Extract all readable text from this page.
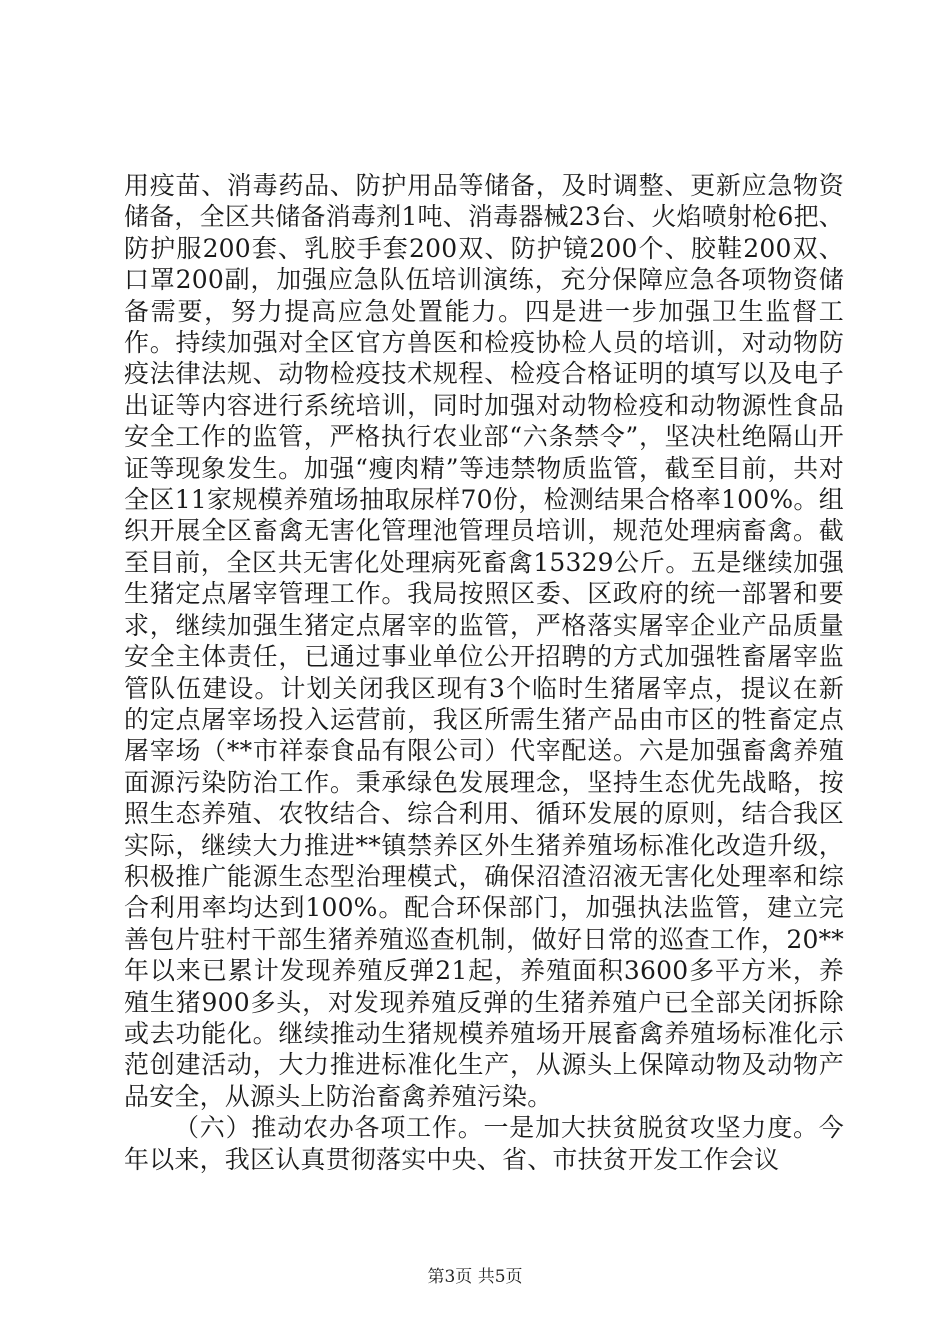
用疫苗、消毒药品、防护用品等储备，及时调整、更新应急物资储备，全区共储备消毒剂1吨、消毒器械23台、火焰喷射枪6把、防护服200套、乳胶手套200双、防护镜200个、胶鞋200双、口罩200副，加强应急队伍培训演练，充分保障应急各项物资储备需要，努力提高应急处置能力。四是进一步加强卫生监督工作。持续加强对全区官方兽医和检疫协检人员的培训，对动物防疫法律法规、动物检疫技术规程、检疫合格证明的填写以及电子出证等内容进行系统培训，同时加强对动物检疫和动物源性食品安全工作的监管，严格执行农业部“六条禁令”，坚决杜绝隔山开证等现象发生。加强“瘦肉精”等违禁物质监管，截至目前，共对全区11家规模养殖场抽取尿样70份，检测结果合格率100%。组织开展全区畜禽无害化管理池管理员培训，规范处理病畜禽。截至目前，全区共无害化处理病死畜禽15329公斤。五是继续加强生猪定点屠宰管理工作。我局按照区委、区政府的统一部署和要求，继续加强生猪定点屠宰的监管，严格落实屠宰企业产品质量安全主体责任，已通过事业单位公开招聘的方式加强牲畜屠宰监管队伍建设。计划关闭我区现有3个临时生猪屠宰点，提议在新的定点屠宰场投入运营前，我区所需生猪产品由市区的牲畜定点屠宰场（**市祥泰食品有限公司）代宰配送。六是加强畜禽养殖面源污染防治工作。秉承绿色发展理念，坚持生态优先战略，按照生态养殖、农牧结合、综合利用、循环发展的原则，结合我区实际，继续大力推进**镇禁养区外生猪养殖场标准化改造升级，积极推广能源生态型治理模式，确保沼渣沼液无害化处理率和综合利用率均达到100%。配合环保部门，加强执法监管，建立完善包片驻村干部生猪养殖巡查机制，做好日常的巡查工作，20**年以来已累计发现养殖反弹21起，养殖面积3600多平方米，养殖生猪900多头，对发现养殖反弹的生猪养殖户已全部关闭拆除或去功能化。继续推动生猪规模养殖场开展畜禽养殖场标准化示范创建活动，大力推进标准化生产，从源头上保障动物及动物产品安全，从源头上防治畜禽养殖污染。

（六）推动农办各项工作。一是加大扶贫脱贫攻坚力度。今年以来，我区认真贯彻落实中央、省、市扶贫开发工作会议

第3页 共5页
